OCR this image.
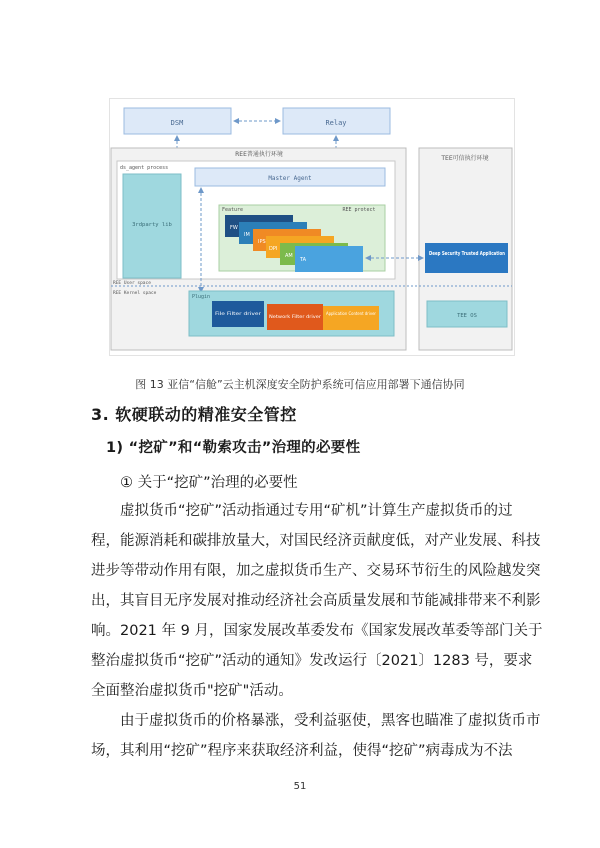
DSM	Relay
REE普通执行环境
TEE可信执行环境
ds_agent process
3rdparty lib
Master Agent
Feature	REE protect
FW
IM
IPS
DPI
AM
TA
Deep Security Trusted Application
REE User space
REE Kernel space
Plugin
File Filter driver	Network Filter driver
Application Content driver	TEE OS
图 13 亚信“信舱”云主机深度安全防护系统可信应用部署下通信协同
3. 软硬联动的精准安全管控
1) “挖矿”和“勒索攻击”治理的必要性
① 关于“挖矿”治理的必要性
虚拟货币“挖矿”活动指通过专用“矿机”计算生产虚拟货币的过
程，能源消耗和碳排放量大，对国民经济贡献度低，对产业发展、科技
进步等带动作用有限，加之虚拟货币生产、交易环节衍生的风险越发突
出，其盲目无序发展对推动经济社会高质量发展和节能减排带来不利影
响。2021 年 9 月，国家发展改革委发布《国家发展改革委等部门关于
整治虚拟货币“挖矿”活动的通知》发改运行〔2021〕1283 号，要求
全面整治虚拟货币"挖矿"活动。
由于虚拟货币的价格暴涨，受利益驱使，黑客也瞄准了虚拟货币市
场，其利用“挖矿”程序来获取经济利益，使得“挖矿”病毒成为不法
51
